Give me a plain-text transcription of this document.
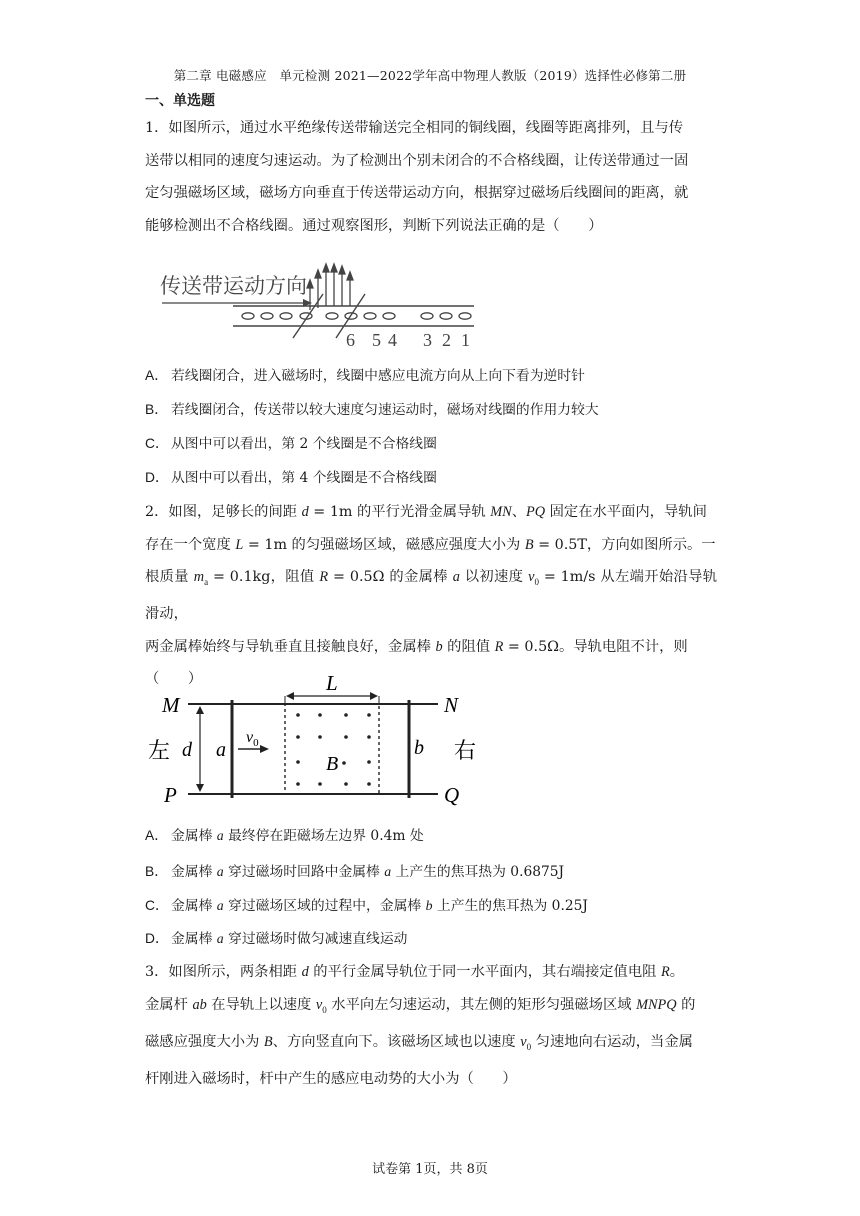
第二章 电磁感应　单元检测 2021—2022学年高中物理人教版（2019）选择性必修第二册
一、单选题
1．如图所示，通过水平绝缘传送带输送完全相同的铜线圈，线圈等距离排列，且与传
送带以相同的速度匀速运动。为了检测出个别未闭合的不合格线圈，让传送带通过一固
定匀强磁场区域，磁场方向垂直于传送带运动方向，根据穿过磁场后线圈间的距离，就
能够检测出不合格线圈。通过观察图形，判断下列说法正确的是（　　）
传送带运动方向
6 5 4 3 2 1
A． 若线圈闭合，进入磁场时，线圈中感应电流方向从上向下看为逆时针
B． 若线圈闭合，传送带以较大速度匀速运动时，磁场对线圈的作用力较大
C． 从图中可以看出，第 2 个线圈是不合格线圈
D． 从图中可以看出，第 4 个线圈是不合格线圈
2．如图，足够长的间距 d = 1m 的平行光滑金属导轨 MN、PQ 固定在水平面内，导轨间
存在一个宽度 L = 1m 的匀强磁场区域，磁感应强度大小为 B = 0.5T，方向如图所示。一
根质量 $m_a = 0.1kg$，阻值 R = 0.5Ω 的金属棒 a 以初速度 $v_0 = 1m/s$ 从左端开始沿导轨滑动，
两金属棒始终与导轨垂直且接触良好，金属棒 b 的阻值 R = 0.5Ω。导轨电阻不计，则
（　　）
M	N
P	Q
左	右
d a
$v_0$
L
B
b
A． 金属棒 a 最终停在距磁场左边界 0.4m 处
B． 金属棒 a 穿过磁场时回路中金属棒 a 上产生的焦耳热为 0.6875J
C． 金属棒 a 穿过磁场区域的过程中，金属棒 b 上产生的焦耳热为 0.25J
D． 金属棒 a 穿过磁场时做匀减速直线运动
3．如图所示，两条相距 d 的平行金属导轨位于同一水平面内，其右端接定值电阻 R。
金属杆 ab 在导轨上以速度 $v_0$ 水平向左匀速运动，其左侧的矩形匀强磁场区域 MNPQ 的
磁感应强度大小为 B、方向竖直向下。该磁场区域也以速度 $v_0$ 匀速地向右运动，当金属
杆刚进入磁场时，杆中产生的感应电动势的大小为（　　）
试卷第 1页，共 8页
